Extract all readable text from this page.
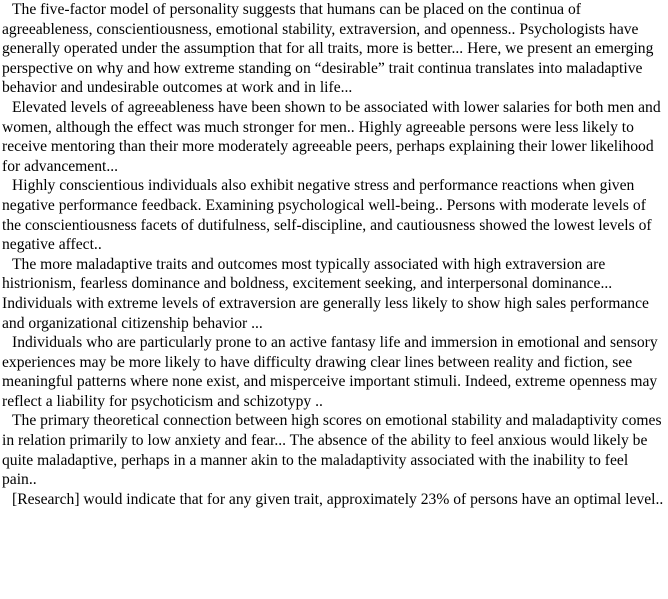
The five-factor model of personality suggests that humans can be placed on the continua of agreeableness, conscientiousness, emotional stability, extraversion, and openness.. Psychologists have generally operated under the assumption that for all traits, more is better... Here, we present an emerging perspective on why and how extreme standing on “desirable” trait continua translates into maladaptive behavior and undesirable outcomes at work and in life...

Elevated levels of agreeableness have been shown to be associated with lower salaries for both men and women, although the effect was much stronger for men.. Highly agreeable persons were less likely to receive mentoring than their more moderately agreeable peers, perhaps explaining their lower likelihood for advancement...

Highly conscientious individuals also exhibit negative stress and performance reactions when given negative performance feedback. Examining psychological well-being.. Persons with moderate levels of the conscientiousness facets of dutifulness, self-discipline, and cautiousness showed the lowest levels of negative affect..

The more maladaptive traits and outcomes most typically associated with high extraversion are histrionism, fearless dominance and boldness, excitement seeking, and interpersonal dominance... Individuals with extreme levels of extraversion are generally less likely to show high sales performance and organizational citizenship behavior ...

Individuals who are particularly prone to an active fantasy life and immersion in emotional and sensory experiences may be more likely to have difficulty drawing clear lines between reality and fiction, see meaningful patterns where none exist, and misperceive important stimuli. Indeed, extreme openness may reflect a liability for psychoticism and schizotypy ..

The primary theoretical connection between high scores on emotional stability and maladaptivity comes in relation primarily to low anxiety and fear... The absence of the ability to feel anxious would likely be quite maladaptive, perhaps in a manner akin to the maladaptivity associated with the inability to feel pain..

[Research] would indicate that for any given trait, approximately 23% of persons have an optimal level..
